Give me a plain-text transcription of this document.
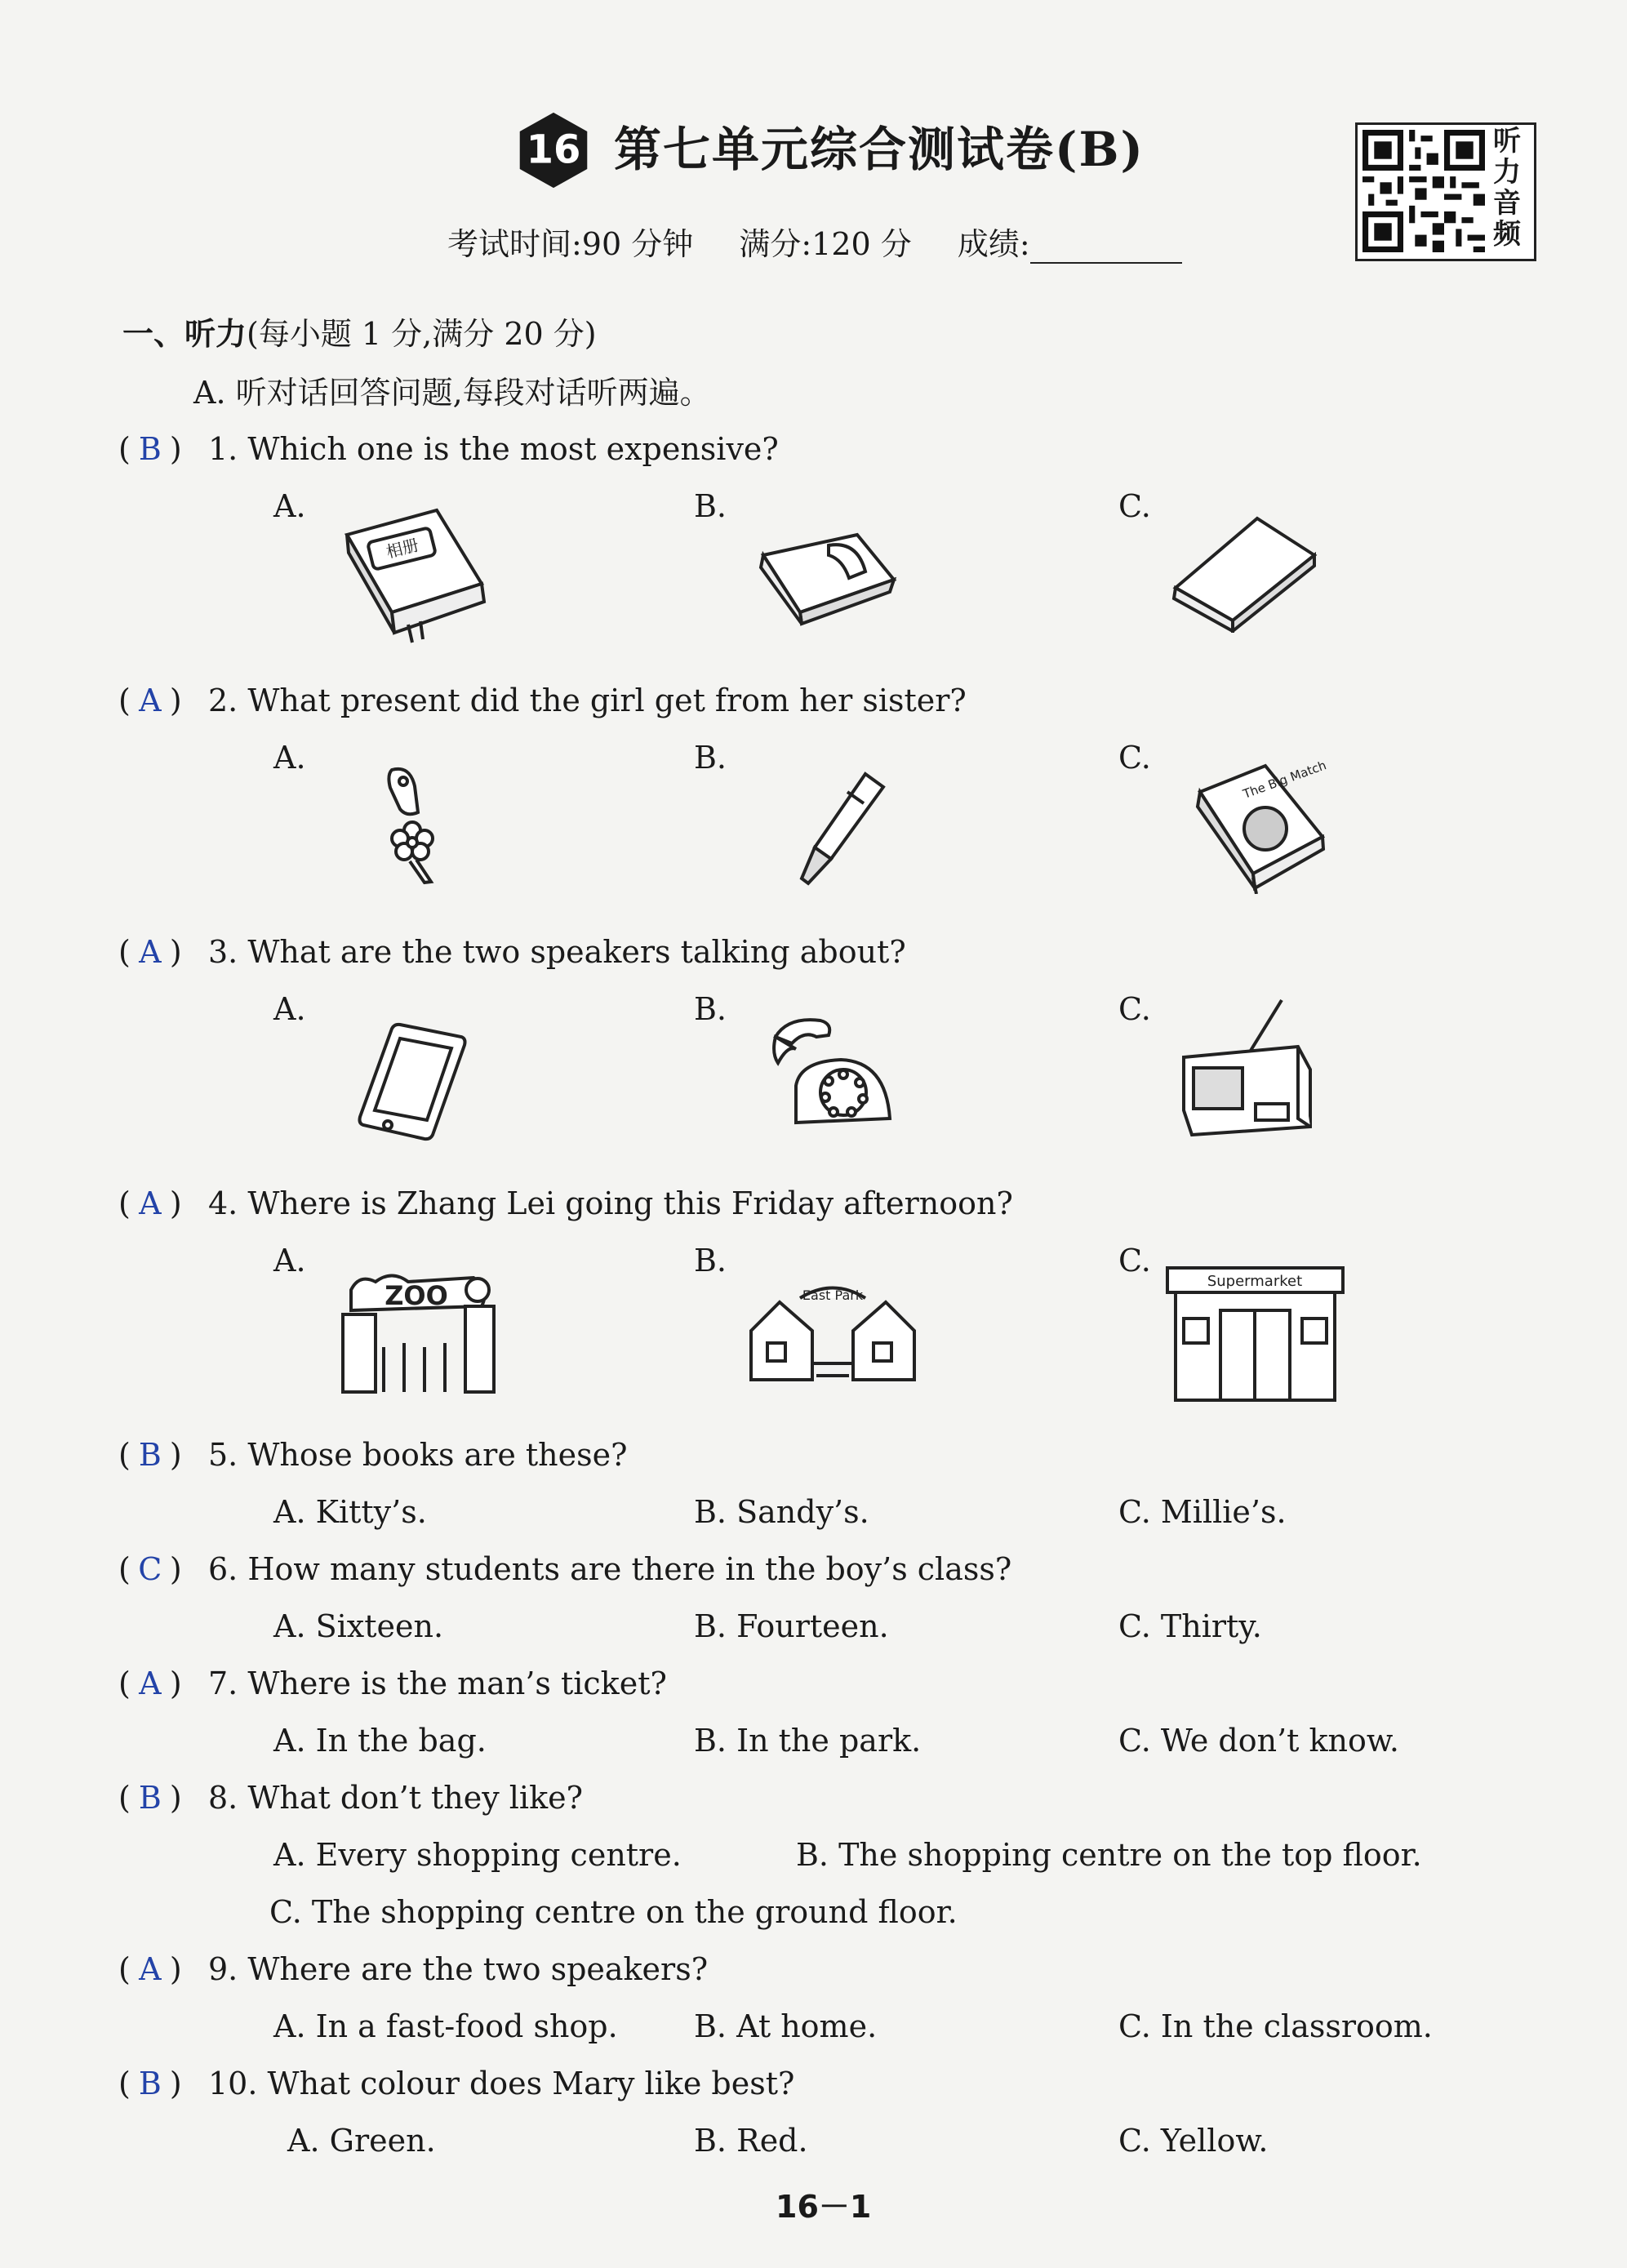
16 第七单元综合测试卷(B)	听力音频
考试时间:90 分钟 满分:120 分 成绩:
一、听力(每小题 1 分,满分 20 分)
A. 听对话回答问题,每段对话听两遍。
( B ) 1. Which one is the most expensive?
A.	B.	C.
相册
( A ) 2. What present did the girl get from her sister?
A.	B.	C.
The Big Match
( A ) 3. What are the two speakers talking about?
A.	B.	C.
( A ) 4. Where is Zhang Lei going this Friday afternoon?
A.	B.	C.
ZOO	East Park
Supermarket
( B ) 5. Whose books are these?
A. Kitty’s.	B. Sandy’s.	C. Millie’s.
( C ) 6. How many students are there in the boy’s class?
A. Sixteen.	B. Fourteen.	C. Thirty.
( A ) 7. Where is the man’s ticket?
A. In the bag.	B. In the park.	C. We don’t know.
( B ) 8. What don’t they like?
A. Every shopping centre.	B. The shopping centre on the top floor.
C. The shopping centre on the ground floor.
( A ) 9. Where are the two speakers?
A. In a fast-food shop. B. At home.	C. In the classroom.
( B ) 10. What colour does Mary like best?
A. Green.	B. Red.	C. Yellow.
16－1
